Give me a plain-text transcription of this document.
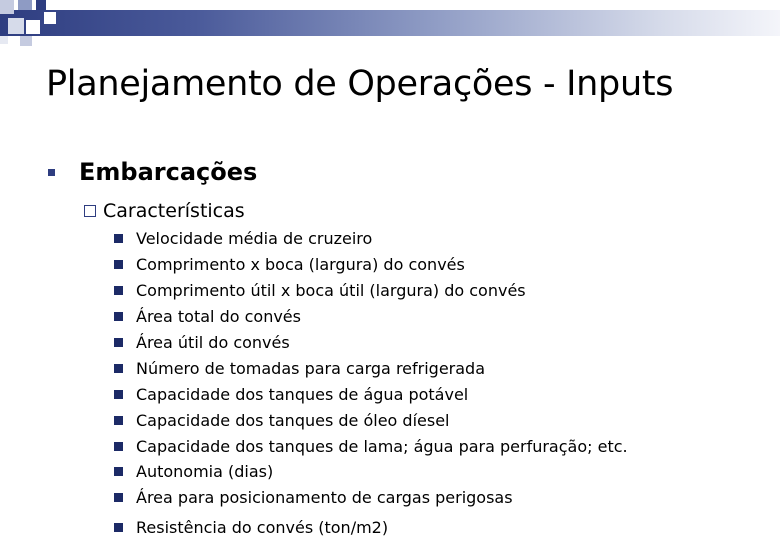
Planejamento de Operações - Inputs
Embarcações
Características
Velocidade média de cruzeiro
Comprimento x boca (largura) do convés
Comprimento útil x boca útil (largura) do convés
Área total do convés
Área útil do convés
Número de tomadas para carga refrigerada
Capacidade dos tanques de água potável
Capacidade dos tanques de óleo díesel
Capacidade dos tanques de lama; água para perfuração; etc.
Autonomia (dias)
Área para posicionamento de cargas perigosas
Resistência do convés (ton/m2)
